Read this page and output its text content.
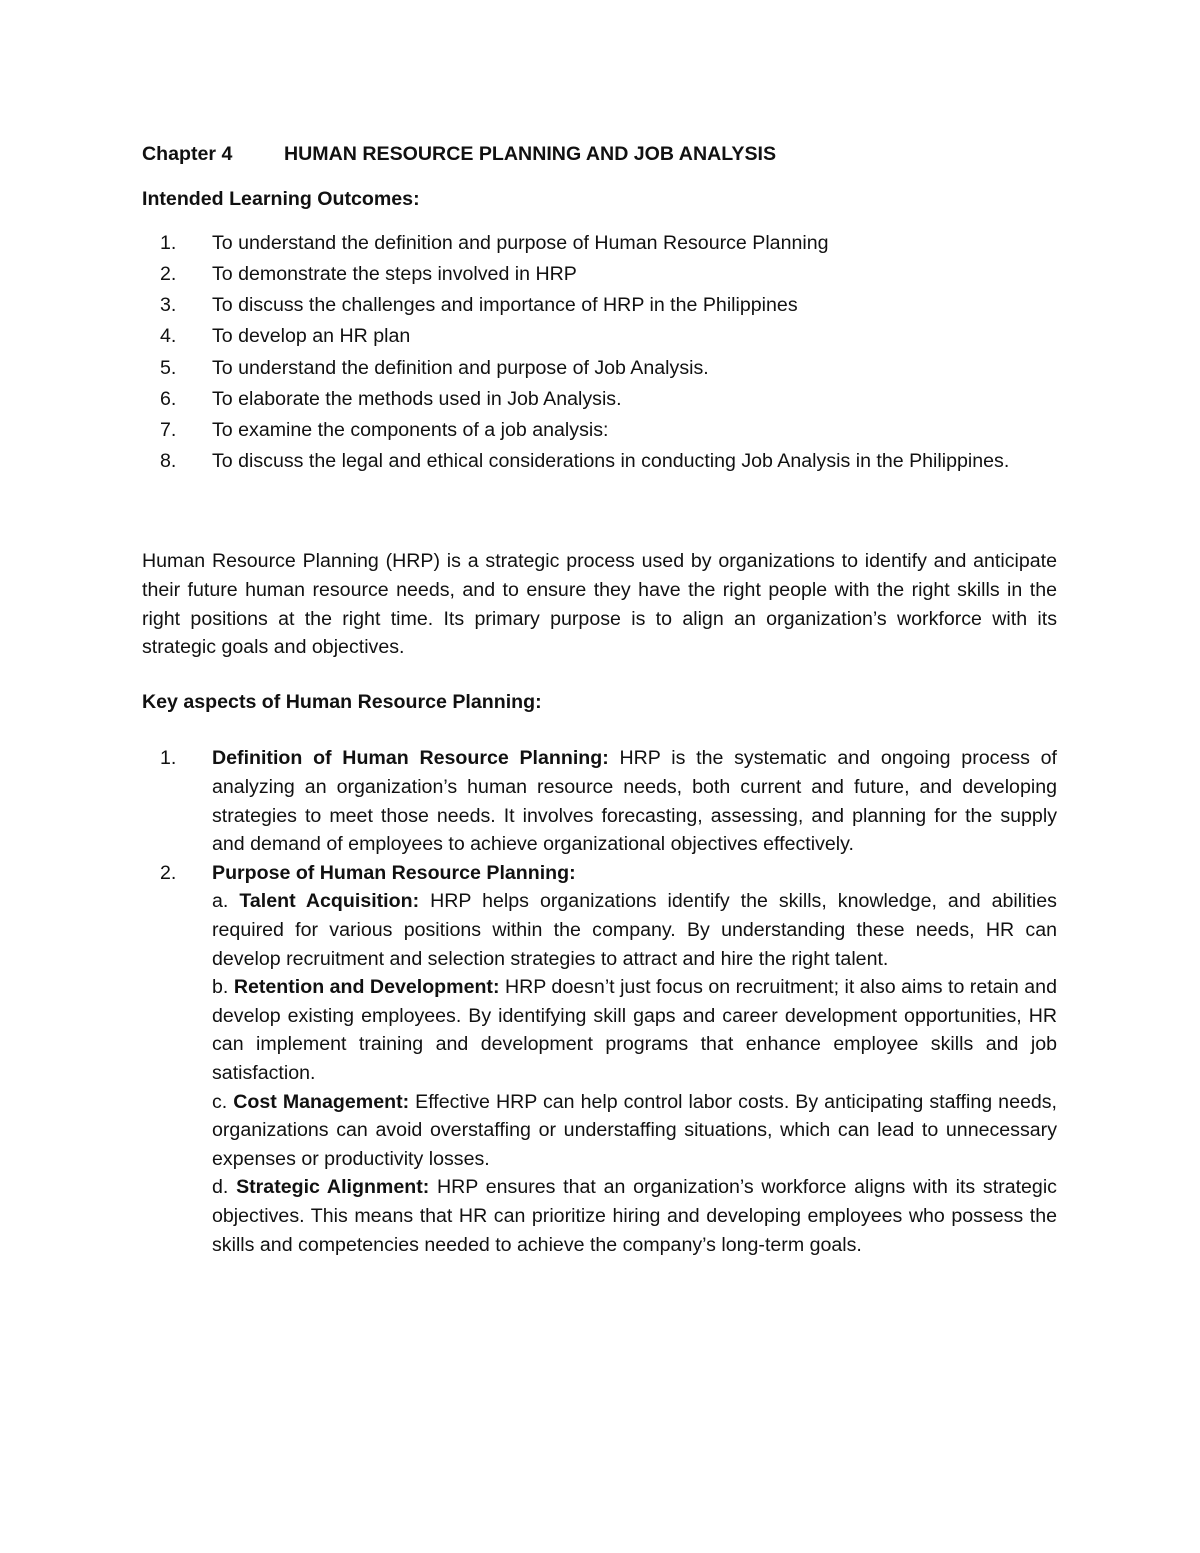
Chapter 4	HUMAN RESOURCE PLANNING AND JOB ANALYSIS
Intended Learning Outcomes:
1.	To understand the definition and purpose of Human Resource Planning
2.	To demonstrate the steps involved in HRP
3.	To discuss the challenges and importance of HRP in the Philippines
4.	To develop an HR plan
5.	To understand the definition and purpose of Job Analysis.
6.	To elaborate the methods used in Job Analysis.
7.	To examine the components of a job analysis:
8.	To discuss the legal and ethical considerations in conducting Job Analysis in the Philippines.

Human Resource Planning (HRP) is a strategic process used by organizations to identify and anticipate their future human resource needs, and to ensure they have the right people with the right skills in the right positions at the right time. Its primary purpose is to align an organization’s workforce with its strategic goals and objectives.

Key aspects of Human Resource Planning:
1.	Definition of Human Resource Planning: HRP is the systematic and ongoing process of analyzing an organization’s human resource needs, both current and future, and developing strategies to meet those needs. It involves forecasting, assessing, and planning for the supply and demand of employees to achieve organizational objectives effectively.
2.	Purpose of Human Resource Planning:
a. Talent Acquisition: HRP helps organizations identify the skills, knowledge, and abilities required for various positions within the company. By understanding these needs, HR can develop recruitment and selection strategies to attract and hire the right talent.
b. Retention and Development: HRP doesn’t just focus on recruitment; it also aims to retain and develop existing employees. By identifying skill gaps and career development opportunities, HR can implement training and development programs that enhance employee skills and job satisfaction.
c. Cost Management: Effective HRP can help control labor costs. By anticipating staffing needs, organizations can avoid overstaffing or understaffing situations, which can lead to unnecessary expenses or productivity losses.
d. Strategic Alignment: HRP ensures that an organization’s workforce aligns with its strategic objectives. This means that HR can prioritize hiring and developing employees who possess the skills and competencies needed to achieve the company’s long-term goals.
